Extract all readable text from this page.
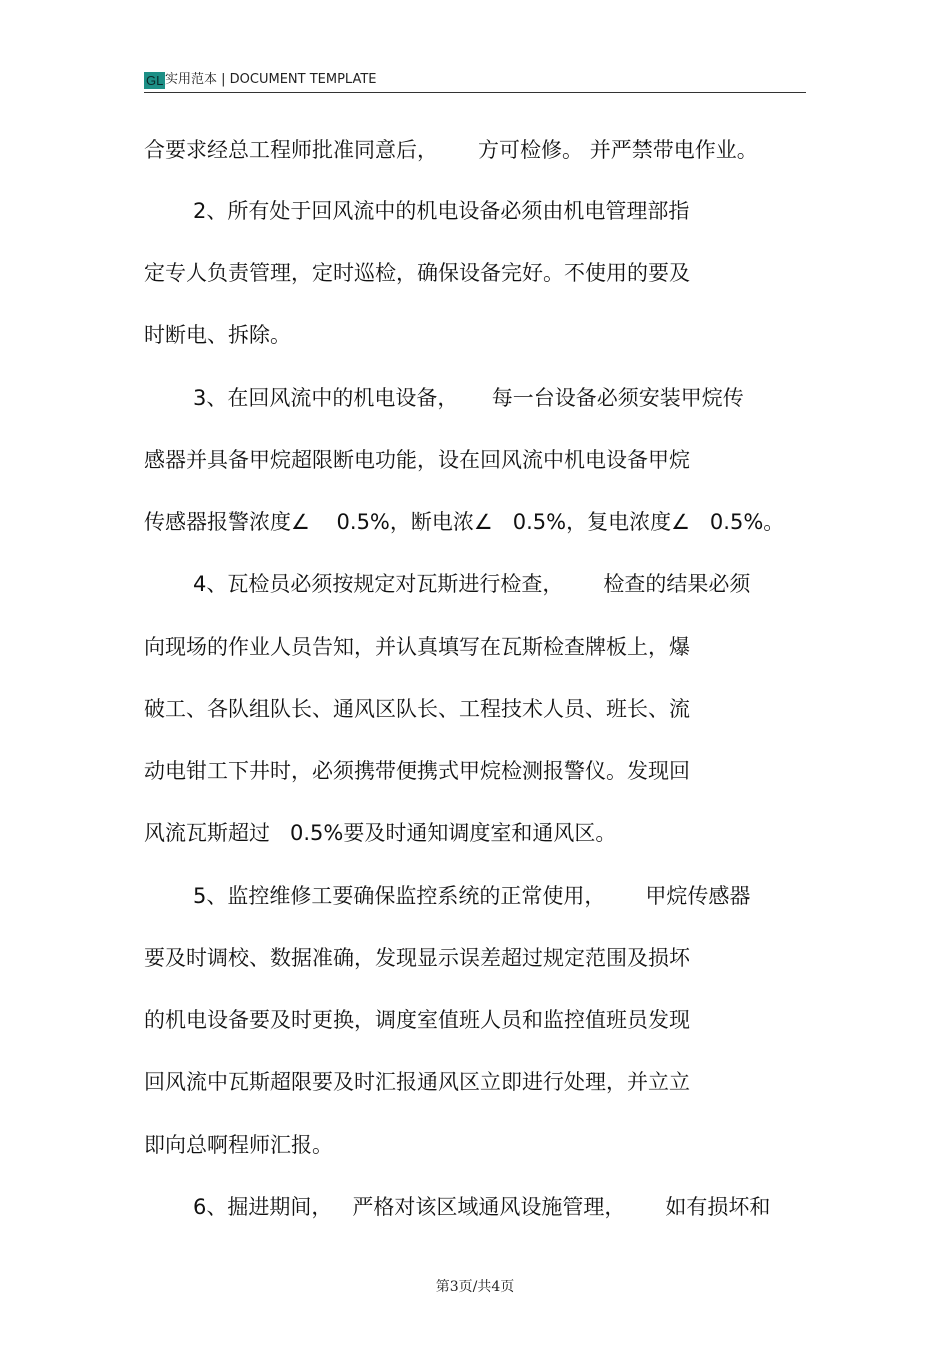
GL 实用范本 | DOCUMENT TEMPLATE
合要求经总工程师批准同意后，      方可检修。 并严禁带电作业。
2、所有处于回风流中的机电设备必须由机电管理部指
定专人负责管理，定时巡检，确保设备完好。不使用的要及
时断电、拆除。
3、在回风流中的机电设备，     每一台设备必须安装甲烷传
感器并具备甲烷超限断电功能，设在回风流中机电设备甲烷
传感器报警浓度∠    0.5%，断电浓∠   0.5%，复电浓度∠   0.5%。
4、瓦检员必须按规定对瓦斯进行检查，      检查的结果必须
向现场的作业人员告知，并认真填写在瓦斯检查牌板上，爆
破工、各队组队长、通风区队长、工程技术人员、班长、流
动电钳工下井时，必须携带便携式甲烷检测报警仪。发现回
风流瓦斯超过   0.5%要及时通知调度室和通风区。
5、监控维修工要确保监控系统的正常使用，      甲烷传感器
要及时调校、数据准确，发现显示误差超过规定范围及损坏
的机电设备要及时更换，调度室值班人员和监控值班员发现
回风流中瓦斯超限要及时汇报通风区立即进行处理，并立立
即向总啊程师汇报。
6、掘进期间，   严格对该区域通风设施管理，      如有损坏和
第3页/共4页
